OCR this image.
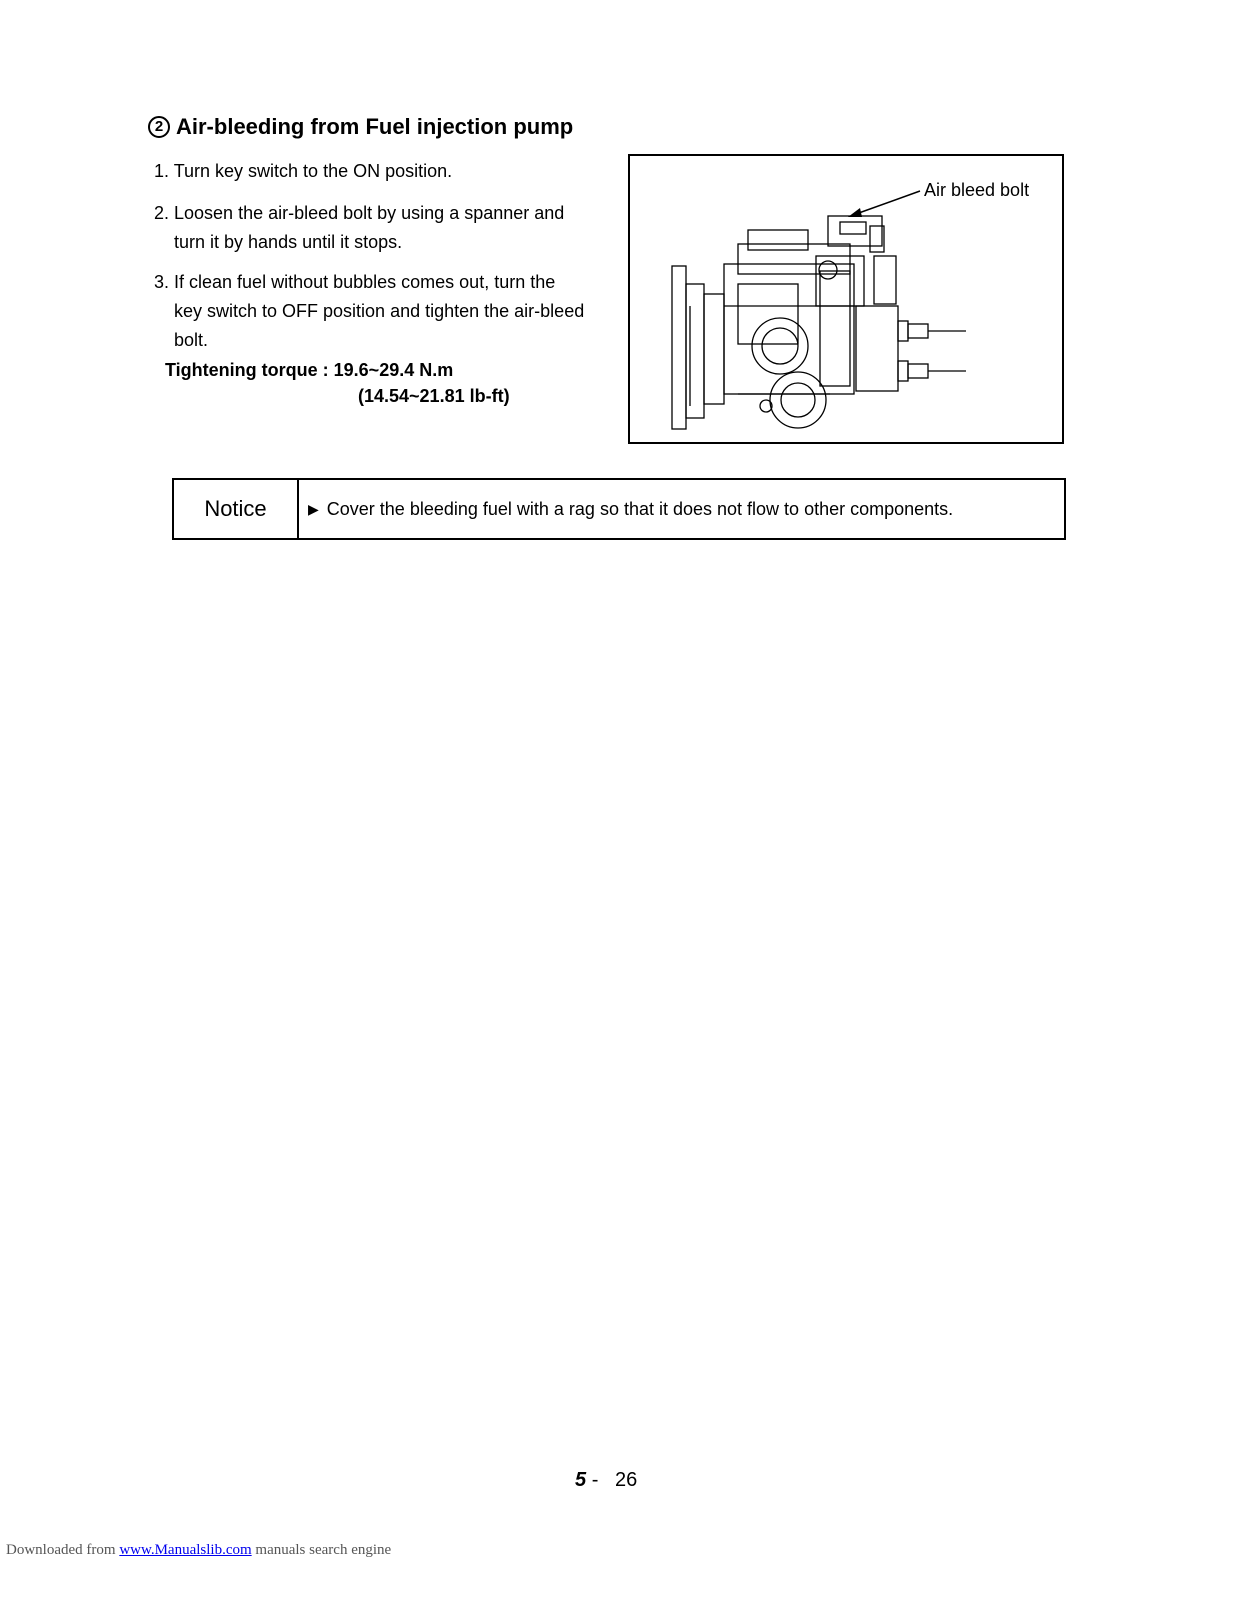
2 Air-bleeding from Fuel injection pump
1. Turn key switch to the ON position.
2. Loosen the air-bleed bolt by using a spanner and
turn it by hands until it stops.
3. If clean fuel without bubbles comes out, turn the
key switch to OFF position and tighten the air-bleed
bolt.
Tightening torque : 19.6~29.4 N.m
(14.54~21.81 lb-ft)
Air bleed bolt
Notice	▶ Cover the bleeding fuel with a rag so that it does not flow to other components.
5 - 26
Downloaded from www.Manualslib.com manuals search engine
